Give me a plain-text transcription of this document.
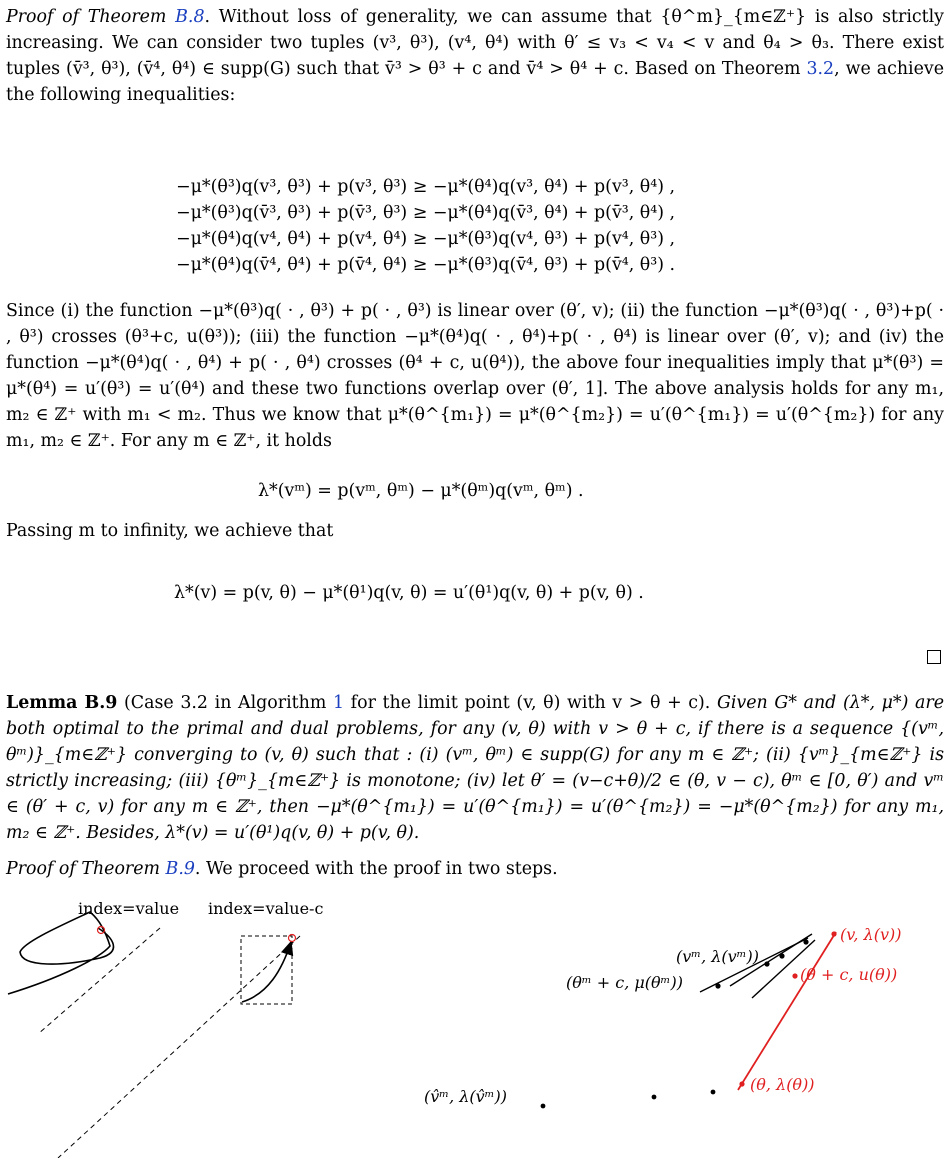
Proof of Theorem B.8. Without loss of generality, we can assume that {θ^m}_{m∈ℤ⁺} is also strictly increasing. We can consider two tuples (v³, θ³), (v⁴, θ⁴) with θ′ ≤ v₃ < v₄ < v and θ₄ > θ₃. There exist tuples (v̄³, θ³), (v̄⁴, θ⁴) ∈ supp(G) such that v̄³ > θ³ + c and v̄⁴ > θ⁴ + c. Based on Theorem 3.2, we achieve the following inequalities:
−μ*(θ³)q(v³, θ³) + p(v³, θ³) ≥ −μ*(θ⁴)q(v³, θ⁴) + p(v³, θ⁴) ,
−μ*(θ³)q(v̄³, θ³) + p(v̄³, θ³) ≥ −μ*(θ⁴)q(v̄³, θ⁴) + p(v̄³, θ⁴) ,
−μ*(θ⁴)q(v⁴, θ⁴) + p(v⁴, θ⁴) ≥ −μ*(θ³)q(v⁴, θ³) + p(v⁴, θ³) ,
−μ*(θ⁴)q(v̄⁴, θ⁴) + p(v̄⁴, θ⁴) ≥ −μ*(θ³)q(v̄⁴, θ³) + p(v̄⁴, θ³) .
Since (i) the function −μ*(θ³)q( · , θ³) + p( · , θ³) is linear over (θ′, v); (ii) the function −μ*(θ³)q( · , θ³)+p( · , θ³) crosses (θ³+c, u(θ³)); (iii) the function −μ*(θ⁴)q( · , θ⁴)+p( · , θ⁴) is linear over (θ′, v); and (iv) the function −μ*(θ⁴)q( · , θ⁴) + p( · , θ⁴) crosses (θ⁴ + c, u(θ⁴)), the above four inequalities imply that μ*(θ³) = μ*(θ⁴) = u′(θ³) = u′(θ⁴) and these two functions overlap over (θ′, 1]. The above analysis holds for any m₁, m₂ ∈ ℤ⁺ with m₁ < m₂. Thus we know that μ*(θ^{m₁}) = μ*(θ^{m₂}) = u′(θ^{m₁}) = u′(θ^{m₂}) for any m₁, m₂ ∈ ℤ⁺. For any m ∈ ℤ⁺, it holds
λ*(vᵐ) = p(vᵐ, θᵐ) − μ*(θᵐ)q(vᵐ, θᵐ) .
Passing m to infinity, we achieve that
λ*(v) = p(v, θ) − μ*(θ¹)q(v, θ) = u′(θ¹)q(v, θ) + p(v, θ) .
Lemma B.9 (Case 3.2 in Algorithm 1 for the limit point (v, θ) with v > θ + c). Given G* and (λ*, μ*) are both optimal to the primal and dual problems, for any (v, θ) with v > θ + c, if there is a sequence {(vᵐ, θᵐ)}_{m∈ℤ⁺} converging to (v, θ) such that : (i) (vᵐ, θᵐ) ∈ supp(G) for any m ∈ ℤ⁺; (ii) {vᵐ}_{m∈ℤ⁺} is strictly increasing; (iii) {θᵐ}_{m∈ℤ⁺} is monotone; (iv) let θ′ = (v−c+θ)/2 ∈ (θ, v − c), θᵐ ∈ [0, θ′) and vᵐ ∈ (θ′ + c, v) for any m ∈ ℤ⁺, then −μ*(θ^{m₁}) = u′(θ^{m₁}) = u′(θ^{m₂}) = −μ*(θ^{m₂}) for any m₁, m₂ ∈ ℤ⁺. Besides, λ*(v) = u′(θ¹)q(v, θ) + p(v, θ).
Proof of Theorem B.9. We proceed with the proof in two steps.
index=value index=value-c
(vᵐ, λ(vᵐ))
(θᵐ + c, μ(θᵐ))
(v, λ(v))
(θ + c, u(θ))
(θ, λ(θ))
(v̂ᵐ, λ(v̂ᵐ))
